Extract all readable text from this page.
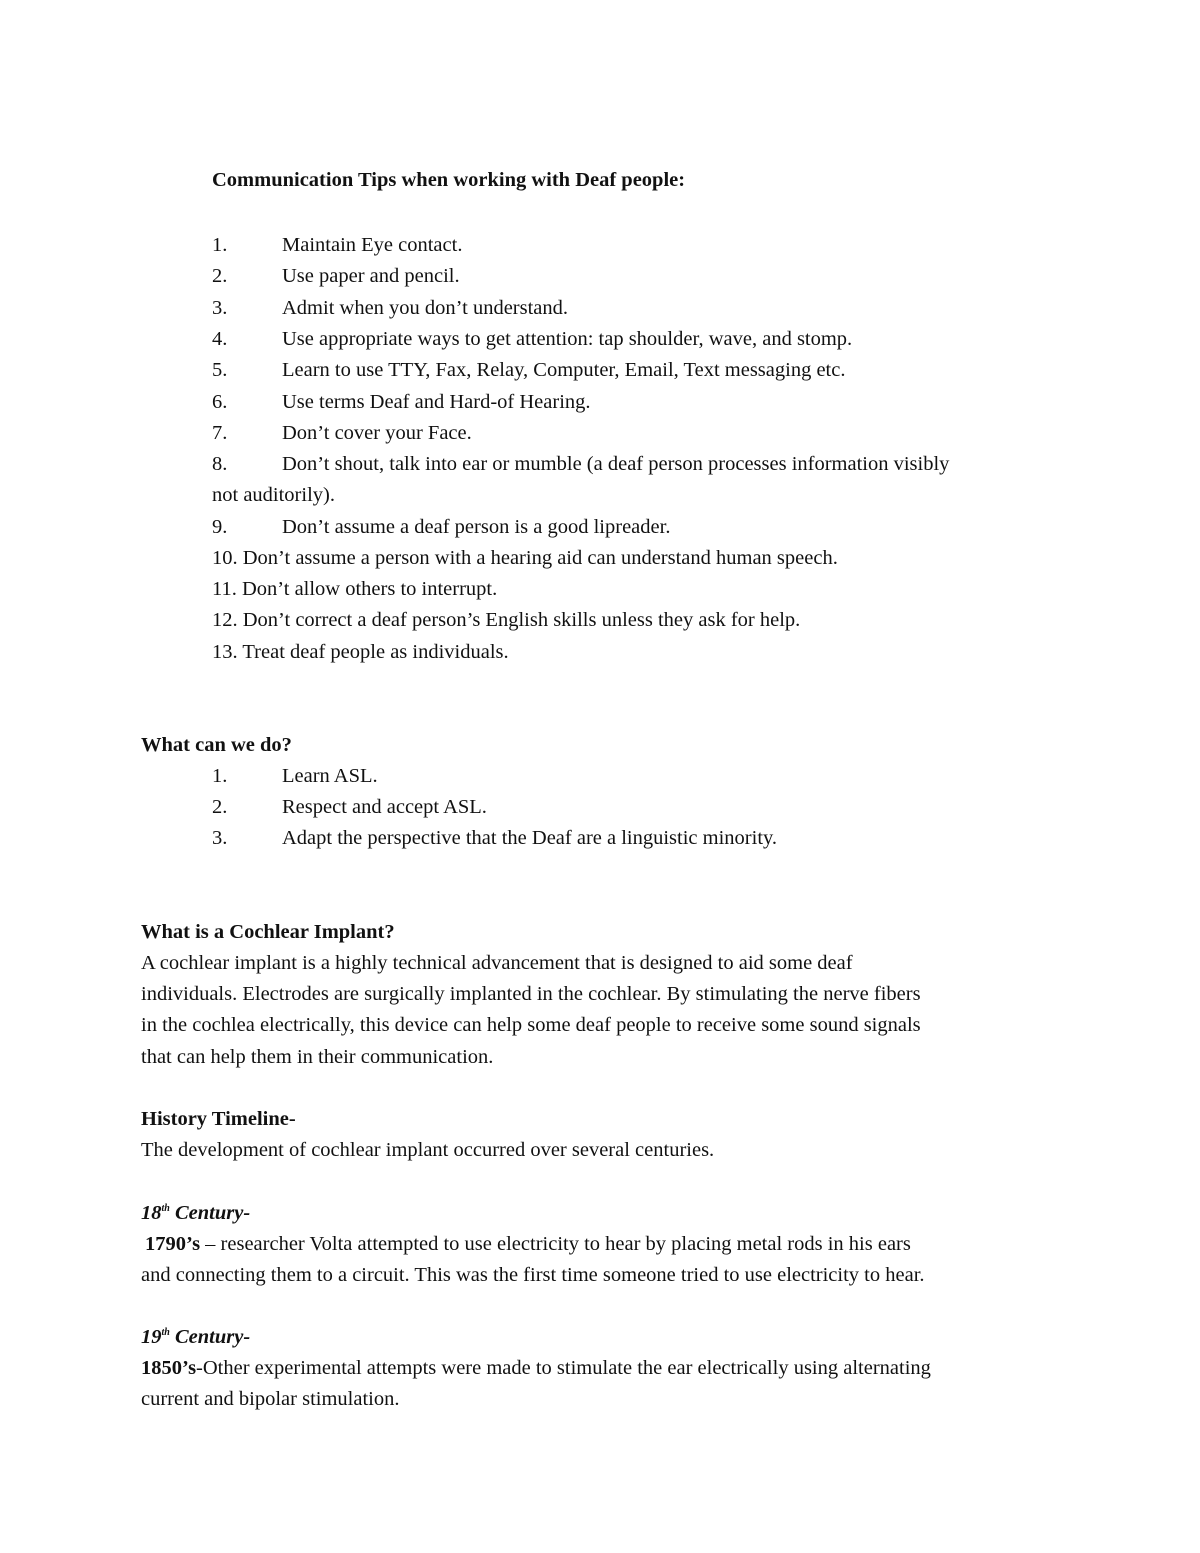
Communication Tips when working with Deaf people:
1.	Maintain Eye contact.
2.	Use paper and pencil.
3.	Admit when you don’t understand.
4.	Use appropriate ways to get attention: tap shoulder, wave, and stomp.
5.	Learn to use TTY, Fax, Relay, Computer, Email, Text messaging etc.
6.	Use terms Deaf and Hard-of Hearing.
7.	Don’t cover your Face.
8.	Don’t shout, talk into ear or mumble (a deaf person processes information visibly
not auditorily).
9.	Don’t assume a deaf person is a good lipreader.
10. Don’t assume a person with a hearing aid can understand human speech.
11. Don’t allow others to interrupt.
12. Don’t correct a deaf person’s English skills unless they ask for help.
13. Treat deaf people as individuals.
What can we do?
1.	Learn ASL.
2.	Respect and accept ASL.
3.	Adapt the perspective that the Deaf are a linguistic minority.
What is a Cochlear Implant?
A cochlear implant is a highly technical advancement that is designed to aid some deaf
individuals. Electrodes are surgically implanted in the cochlear. By stimulating the nerve fibers
in the cochlea electrically, this device can help some deaf people to receive some sound signals
that can help them in their communication.
History Timeline-
The development of cochlear implant occurred over several centuries.
18th Century-
1790’s – researcher Volta attempted to use electricity to hear by placing metal rods in his ears
and connecting them to a circuit. This was the first time someone tried to use electricity to hear.
19th Century-
1850’s-Other experimental attempts were made to stimulate the ear electrically using alternating
current and bipolar stimulation.
